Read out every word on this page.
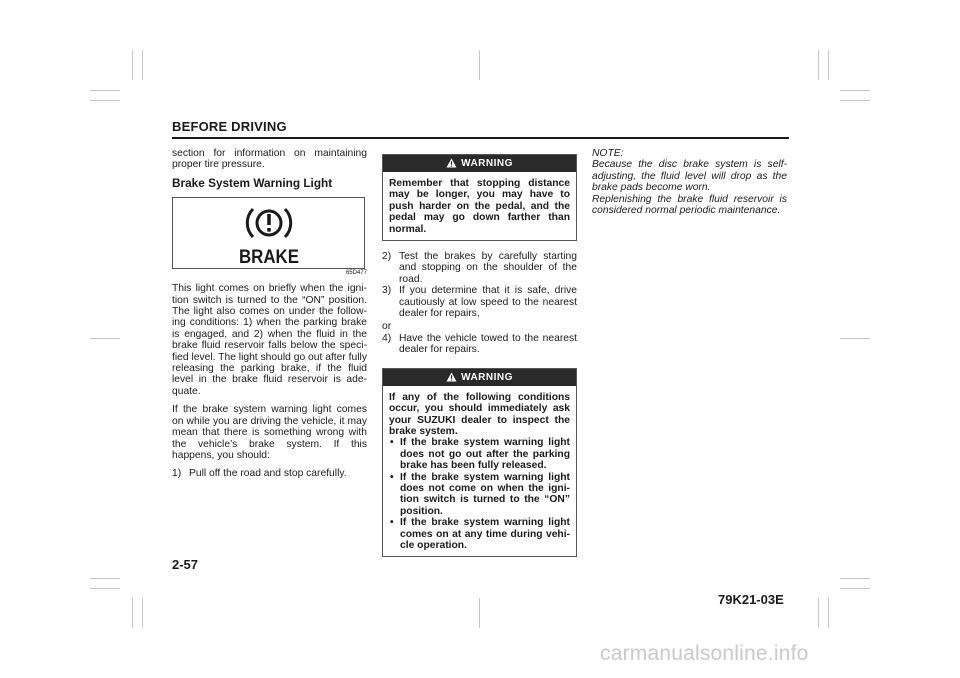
BEFORE DRIVING

section for information on maintaining proper tire pressure.

Brake System Warning Light
BRAKE
65D477

This light comes on briefly when the igni-tion switch is turned to the “ON” position. The light also comes on under the follow-ing conditions: 1) when the parking brake is engaged, and 2) when the fluid in the brake fluid reservoir falls below the speci-fied level. The light should go out after fully releasing the parking brake, if the fluid level in the brake fluid reservoir is ade-quate.

If the brake system warning light comes on while you are driving the vehicle, it may mean that there is something wrong with the vehicle’s brake system. If this happens, you should:

1) Pull off the road and stop carefully.
WARNING
Remember that stopping distance may be longer, you may have to push harder on the pedal, and the pedal may go down farther than normal.
2) Test the brakes by carefully starting and stopping on the shoulder of the road.
3) If you determine that it is safe, drive cautiously at low speed to the nearest dealer for repairs,
or
4) Have the vehicle towed to the nearest dealer for repairs.
WARNING
If any of the following conditions occur, you should immediately ask your SUZUKI dealer to inspect the brake system.
• If the brake system warning light does not go out after the parking brake has been fully released.
• If the brake system warning light does not come on when the igni-tion switch is turned to the “ON” position.
• If the brake system warning light comes on at any time during vehi-cle operation.
NOTE:
Because the disc brake system is self-adjusting, the fluid level will drop as the brake pads become worn.
Replenishing the brake fluid reservoir is considered normal periodic maintenance.
2-57
79K21-03E
carmanualsonline.info
